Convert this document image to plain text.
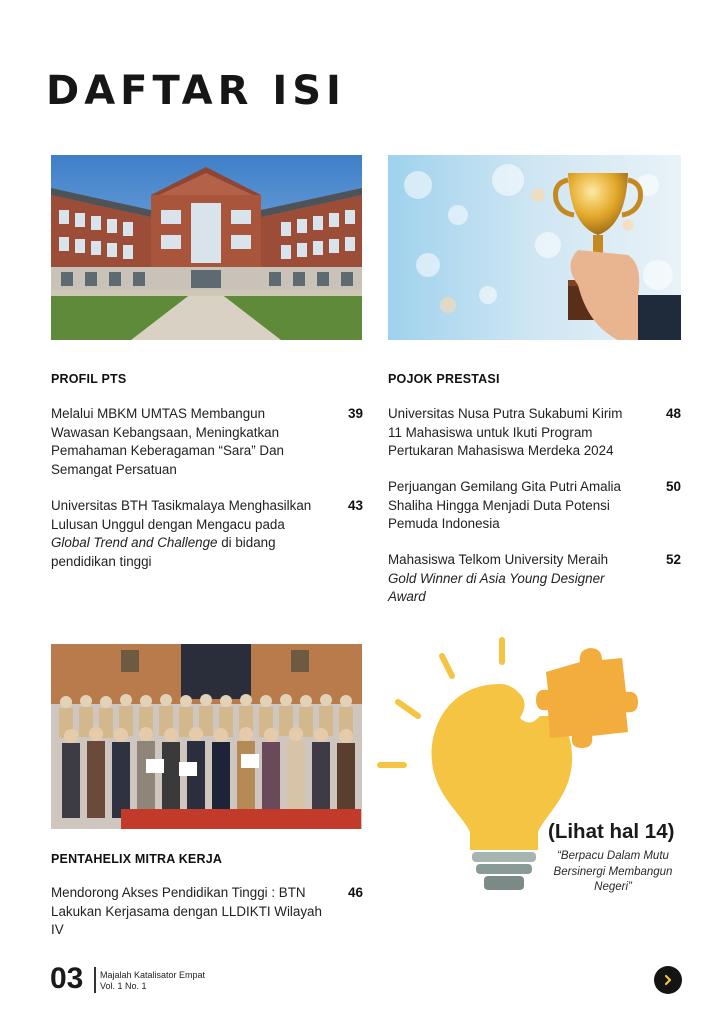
DAFTAR ISI
PROFIL PTS
Melalui MBKM UMTAS Membangun Wawasan Kebangsaan, Meningkatkan Pemahaman Keberagaman “Sara” Dan Semangat Persatuan
39
Universitas BTH Tasikmalaya Menghasilkan Lulusan Unggul dengan Mengacu pada Global Trend and Challenge di bidang pendidikan tinggi
43
POJOK PRESTASI
Universitas Nusa Putra Sukabumi Kirim 11 Mahasiswa untuk Ikuti Program Pertukaran Mahasiswa Merdeka 2024
48
Perjuangan Gemilang Gita Putri Amalia Shaliha Hingga Menjadi Duta Potensi Pemuda Indonesia
50
Mahasiswa Telkom University Meraih Gold Winner di Asia Young Designer Award
52
PENTAHELIX MITRA KERJA
Mendorong Akses Pendidikan Tinggi : BTN Lakukan Kerjasama dengan LLDIKTI Wilayah IV
46
(Lihat hal 14)
“Berpacu Dalam Mutu Bersinergi Membangun Negeri”
03 Majalah Katalisator Empat
Vol. 1 No. 1
